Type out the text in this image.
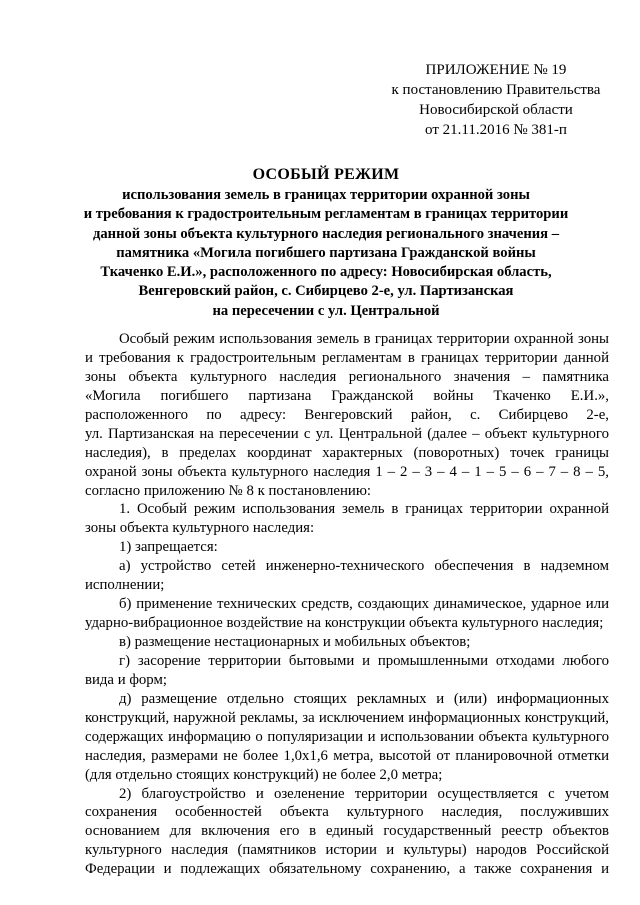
ПРИЛОЖЕНИЕ № 19
к постановлению Правительства
Новосибирской области
от 21.11.2016 № 381-п
ОСОБЫЙ РЕЖИМ
использования земель в границах территории охранной зоны
и требования к градостроительным регламентам в границах территории
данной зоны объекта культурного наследия регионального значения –
памятника «Могила погибшего партизана Гражданской войны
Ткаченко Е.И.», расположенного по адресу: Новосибирская область,
Венгеровский район, с. Сибирцево 2-е, ул. Партизанская
на пересечении с ул. Центральной
Особый режим использования земель в границах территории охранной зоны
и требования к градостроительным регламентам в границах территории данной
зоны объекта культурного наследия регионального значения – памятника
«Могила погибшего партизана Гражданской войны Ткаченко Е.И.»,
расположенного по адресу: Венгеровский район, с. Сибирцево 2-е,
ул. Партизанская на пересечении с ул. Центральной (далее – объект культурного
наследия), в пределах координат характерных (поворотных) точек границы
охраной зоны объекта культурного наследия 1 – 2 – 3 – 4 – 1 – 5 – 6 – 7 – 8 – 5,
согласно приложению № 8 к постановлению:
1. Особый режим использования земель в границах территории охранной
зоны объекта культурного наследия:
1) запрещается:
а) устройство сетей инженерно-технического обеспечения в надземном
исполнении;
б) применение технических средств, создающих динамическое, ударное или
ударно-вибрационное воздействие на конструкции объекта культурного наследия;
в) размещение нестационарных и мобильных объектов;
г) засорение территории бытовыми и промышленными отходами любого
вида и форм;
д) размещение отдельно стоящих рекламных и (или) информационных
конструкций, наружной рекламы, за исключением информационных конструкций,
содержащих информацию о популяризации и использовании объекта культурного
наследия, размерами не более 1,0х1,6 метра, высотой от планировочной отметки
(для отдельно стоящих конструкций) не более 2,0 метра;
2) благоустройство и озеленение территории осуществляется с учетом
сохранения особенностей объекта культурного наследия, послуживших
основанием для включения его в единый государственный реестр объектов
культурного наследия (памятников истории и культуры) народов Российской
Федерации и подлежащих обязательному сохранению, а также сохранения и
